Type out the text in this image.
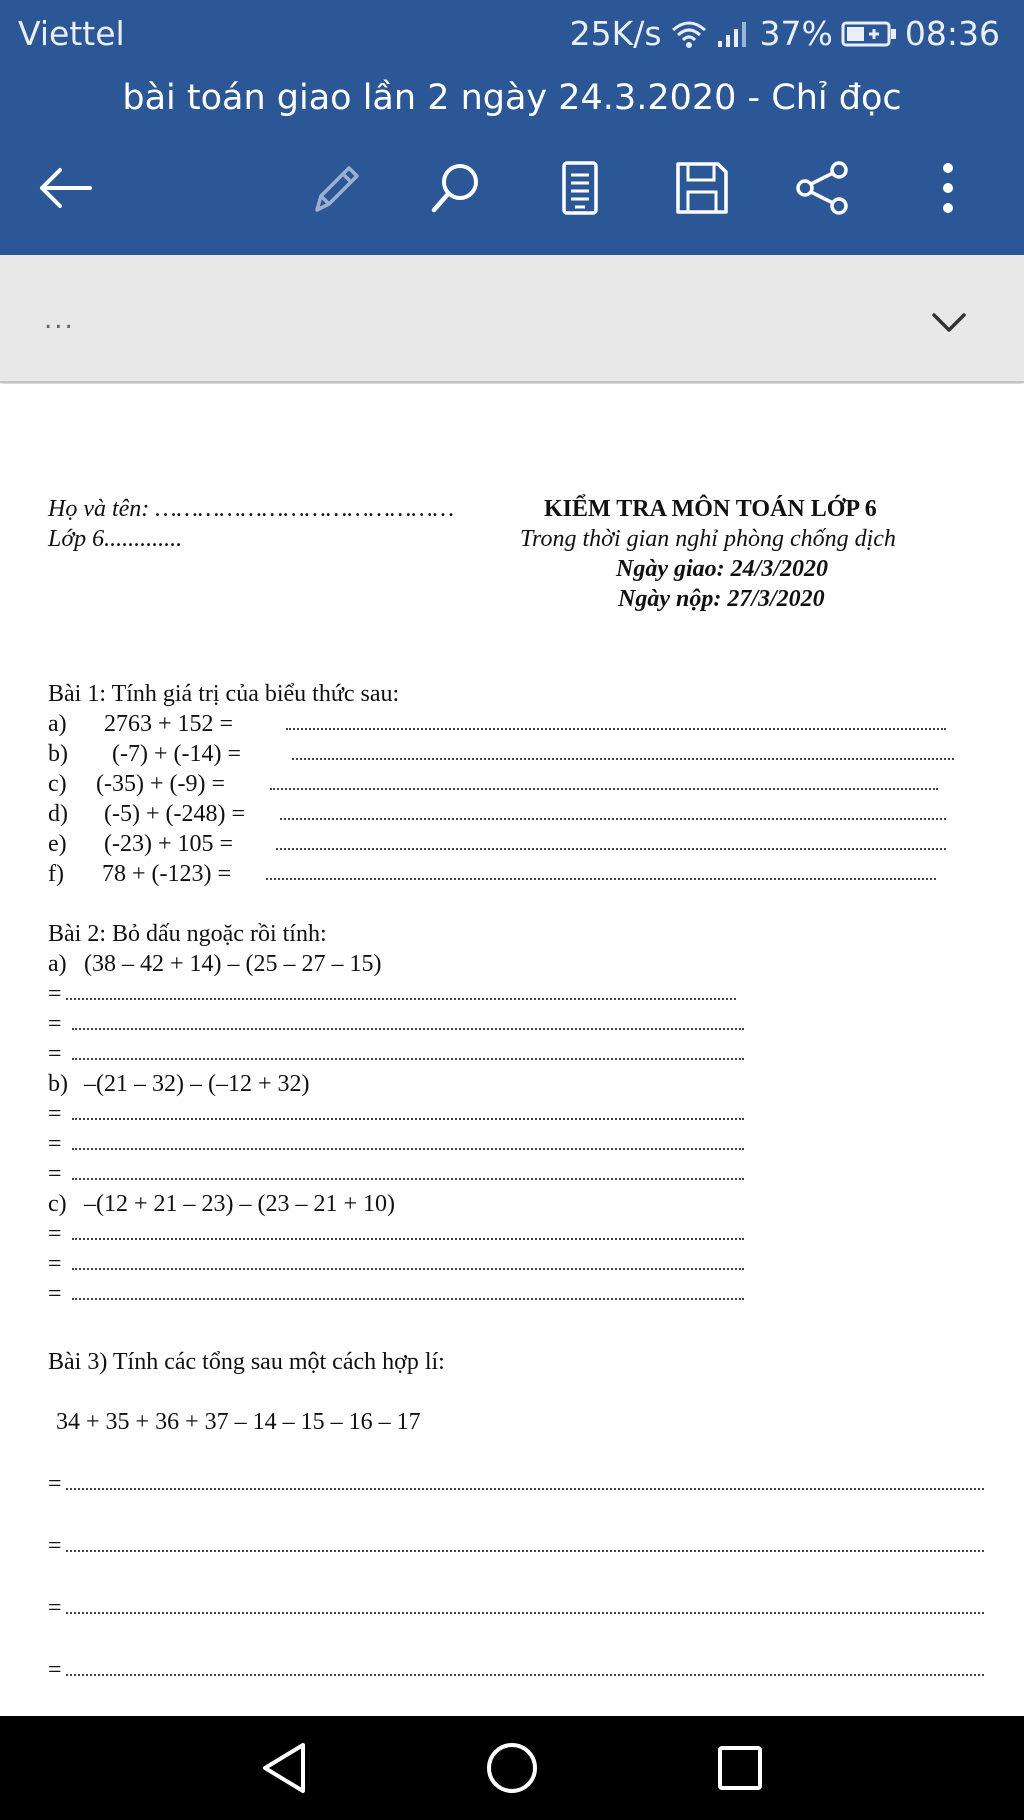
Viettel	25K/s	37% 08:36
bài toán giao lần 2 ngày 24.3.2020 - Chỉ đọc
...
Họ và tên: ……………………………………
Lớp 6.............
KIỂM TRA MÔN TOÁN LỚP 6
Trong thời gian nghỉ phòng chống dịch
Ngày giao: 24/3/2020
Ngày nộp: 27/3/2020
Bài 1: Tính giá trị của biểu thức sau:
a) 2763 + 152 =
b) (-7) + (-14) =
c) (-35) + (-9) =
d) (-5) + (-248) =
e) (-23) + 105 =
f) 78 + (-123) =
Bài 2: Bỏ dấu ngoặc rồi tính:
a) (38 – 42 + 14) – (25 – 27 – 15)
=
=
=
b) –(21 – 32) – (–12 + 32)
=
=
=
c) –(12 + 21 – 23) – (23 – 21 + 10)
=
=
=
Bài 3) Tính các tổng sau một cách hợp lí:
34 + 35 + 36 + 37 – 14 – 15 – 16 – 17
=
=
=
=
